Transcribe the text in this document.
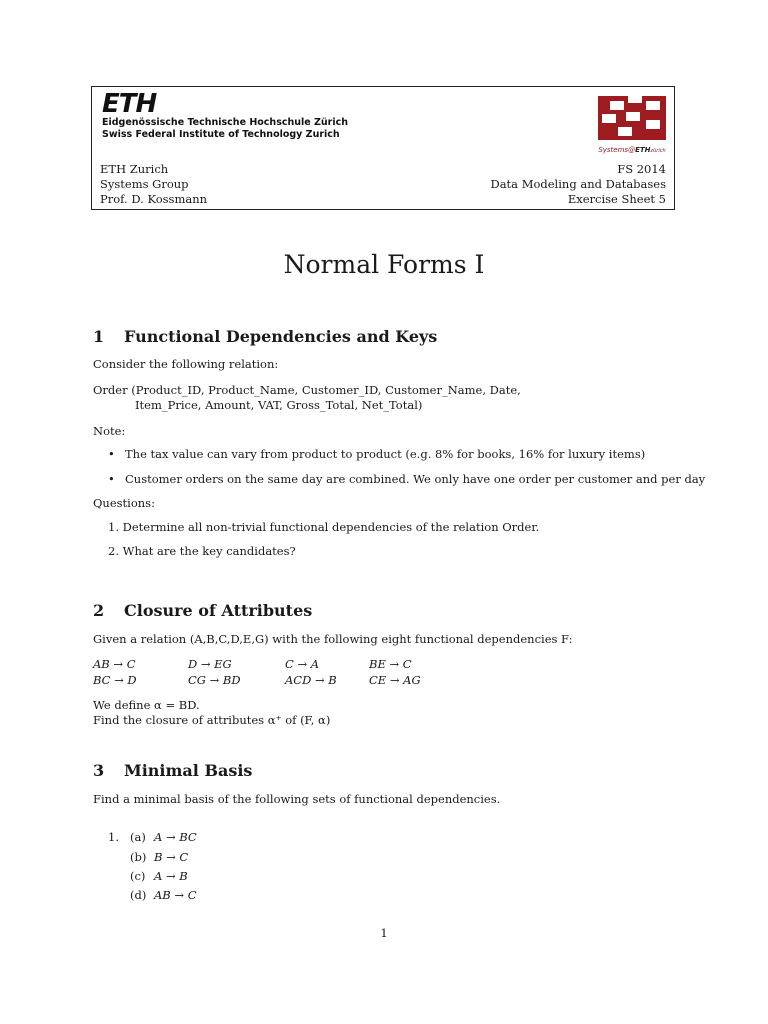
ETH
Eidgenössische Technische Hochschule Zürich
Swiss Federal Institute of Technology Zurich
Systems@ETHzürich
ETH Zurich
Systems Group
Prof. D. Kossmann
FS 2014
Data Modeling and Databases
Exercise Sheet 5
Normal Forms I
1 Functional Dependencies and Keys
Consider the following relation:
Order (Product_ID, Product_Name, Customer_ID, Customer_Name, Date,
Item_Price, Amount, VAT, Gross_Total, Net_Total)
Note:
• The tax value can vary from product to product (e.g. 8% for books, 16% for luxury items)
• Customer orders on the same day are combined. We only have one order per customer and per day
Questions:
1. Determine all non-trivial functional dependencies of the relation Order.
2. What are the key candidates?
2 Closure of Attributes
Given a relation (A,B,C,D,E,G) with the following eight functional dependencies F:
AB → C	D → EG	C → A	BE → C
BC → D	CG → BD	ACD → B	CE → AG
We define α = BD.
Find the closure of attributes α⁺ of (F, α)
3 Minimal Basis
Find a minimal basis of the following sets of functional dependencies.
1. (a) A → BC
(b) B → C
(c) A → B
(d) AB → C
1
